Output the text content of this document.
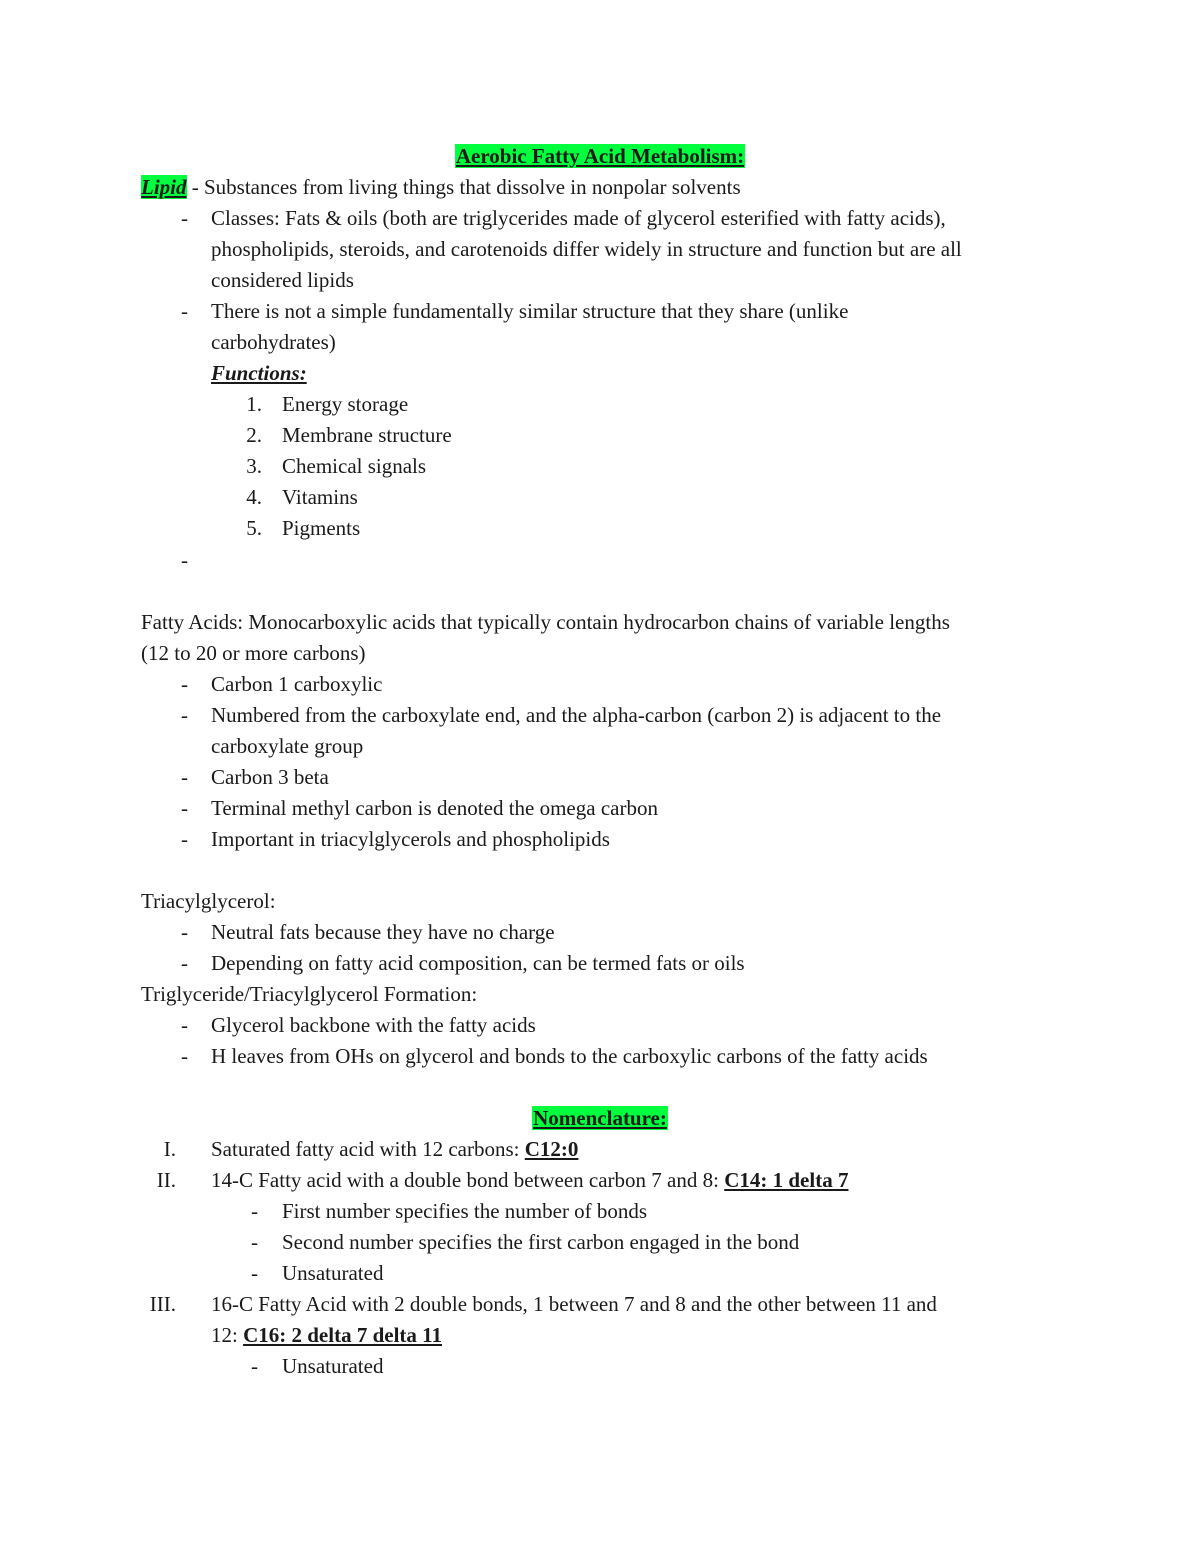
Aerobic Fatty Acid Metabolism:
Lipid - Substances from living things that dissolve in nonpolar solvents
- Classes: Fats & oils (both are triglycerides made of glycerol esterified with fatty acids),
phospholipids, steroids, and carotenoids differ widely in structure and function but are all
considered lipids
- There is not a simple fundamentally similar structure that they share (unlike
carbohydrates)
Functions:
1. Energy storage
2. Membrane structure
3. Chemical signals
4. Vitamins
5. Pigments
-
Fatty Acids: Monocarboxylic acids that typically contain hydrocarbon chains of variable lengths
(12 to 20 or more carbons)
- Carbon 1 carboxylic
- Numbered from the carboxylate end, and the alpha-carbon (carbon 2) is adjacent to the
carboxylate group
- Carbon 3 beta
- Terminal methyl carbon is denoted the omega carbon
- Important in triacylglycerols and phospholipids
Triacylglycerol:
- Neutral fats because they have no charge
- Depending on fatty acid composition, can be termed fats or oils
Triglyceride/Triacylglycerol Formation:
- Glycerol backbone with the fatty acids
- H leaves from OHs on glycerol and bonds to the carboxylic carbons of the fatty acids
Nomenclature:
I. Saturated fatty acid with 12 carbons: C12:0
II. 14-C Fatty acid with a double bond between carbon 7 and 8: C14: 1 delta 7
- First number specifies the number of bonds
- Second number specifies the first carbon engaged in the bond
- Unsaturated
III. 16-C Fatty Acid with 2 double bonds, 1 between 7 and 8 and the other between 11 and
12: C16: 2 delta 7 delta 11
- Unsaturated
